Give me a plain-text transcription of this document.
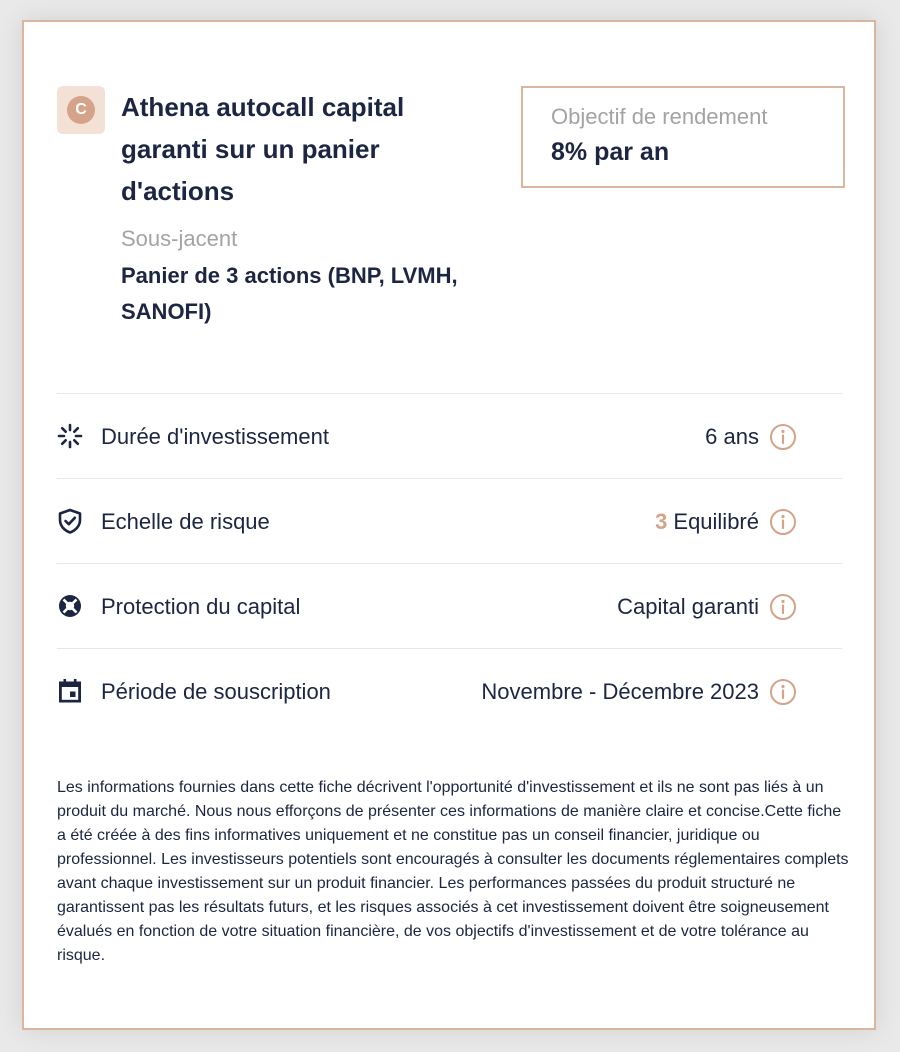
C	Athena autocall capital garanti sur un panier d'actions
Sous-jacent
Panier de 3 actions (BNP, LVMH, SANOFI)
Objectif de rendement
8% par an
Durée d'investissement	6 ans
Echelle de risque	3 Equilibré
Protection du capital	Capital garanti
Période de souscription	Novembre - Décembre 2023

Les informations fournies dans cette fiche décrivent l'opportunité d'investissement et ils ne sont pas liés à un produit du marché. Nous nous efforçons de présenter ces informations de manière claire et concise.Cette fiche a été créée à des fins informatives uniquement et ne constitue pas un conseil financier, juridique ou professionnel. Les investisseurs potentiels sont encouragés à consulter les documents réglementaires complets avant chaque investissement sur un produit financier. Les performances passées du produit structuré ne garantissent pas les résultats futurs, et les risques associés à cet investissement doivent être soigneusement évalués en fonction de votre situation financière, de vos objectifs d'investissement et de votre tolérance au risque.
